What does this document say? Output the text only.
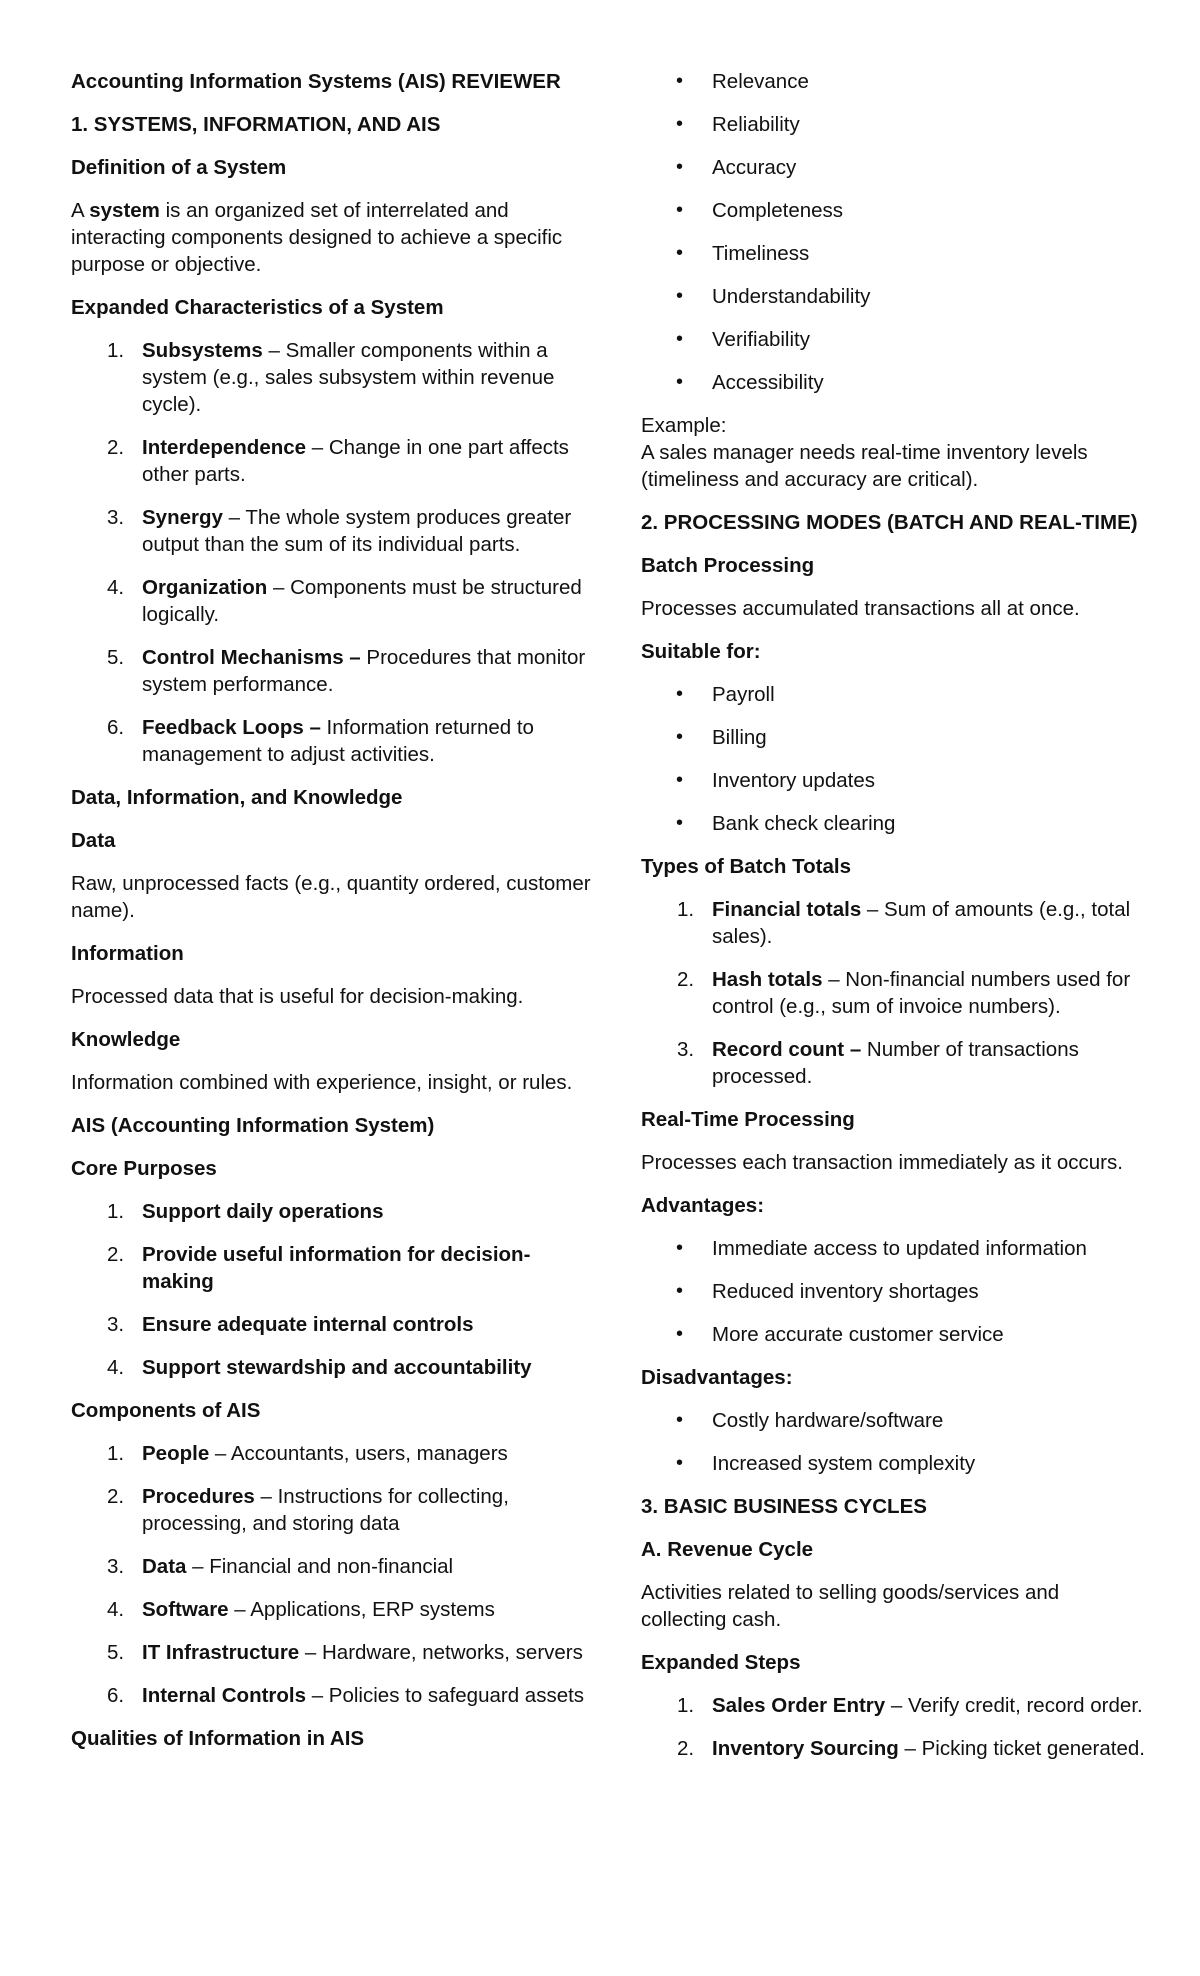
Accounting Information Systems (AIS) REVIEWER
1. SYSTEMS, INFORMATION, AND AIS
Definition of a System

A system is an organized set of interrelated and interacting components designed to achieve a specific purpose or objective.

Expanded Characteristics of a System
1. Subsystems – Smaller components within a system (e.g., sales subsystem within revenue cycle).
2. Interdependence – Change in one part affects other parts.
3. Synergy – The whole system produces greater output than the sum of its individual parts.
4. Organization – Components must be structured logically.
5. Control Mechanisms – Procedures that monitor system performance.
6. Feedback Loops – Information returned to management to adjust activities.
Data, Information, and Knowledge
Data

Raw, unprocessed facts (e.g., quantity ordered, customer name).

Information

Processed data that is useful for decision-making.

Knowledge

Information combined with experience, insight, or rules.

AIS (Accounting Information System)
Core Purposes
1. Support daily operations
2. Provide useful information for decision-making
3. Ensure adequate internal controls
4. Support stewardship and accountability
Components of AIS
1. People – Accountants, users, managers
2. Procedures – Instructions for collecting, processing, and storing data
3. Data – Financial and non-financial
4. Software – Applications, ERP systems
5. IT Infrastructure – Hardware, networks, servers
6. Internal Controls – Policies to safeguard assets
Qualities of Information in AIS
• Relevance
• Reliability
• Accuracy
• Completeness
• Timeliness
• Understandability
• Verifiability
• Accessibility

Example:
A sales manager needs real-time inventory levels (timeliness and accuracy are critical).

2. PROCESSING MODES (BATCH AND REAL-TIME)
Batch Processing

Processes accumulated transactions all at once.

Suitable for:
• Payroll
• Billing
• Inventory updates
• Bank check clearing
Types of Batch Totals
1. Financial totals – Sum of amounts (e.g., total sales).
2. Hash totals – Non-financial numbers used for control (e.g., sum of invoice numbers).
3. Record count – Number of transactions processed.
Real-Time Processing

Processes each transaction immediately as it occurs.

Advantages:
• Immediate access to updated information
• Reduced inventory shortages
• More accurate customer service
Disadvantages:
• Costly hardware/software
• Increased system complexity
3. BASIC BUSINESS CYCLES
A. Revenue Cycle

Activities related to selling goods/services and collecting cash.

Expanded Steps
1. Sales Order Entry – Verify credit, record order.
2. Inventory Sourcing – Picking ticket generated.
